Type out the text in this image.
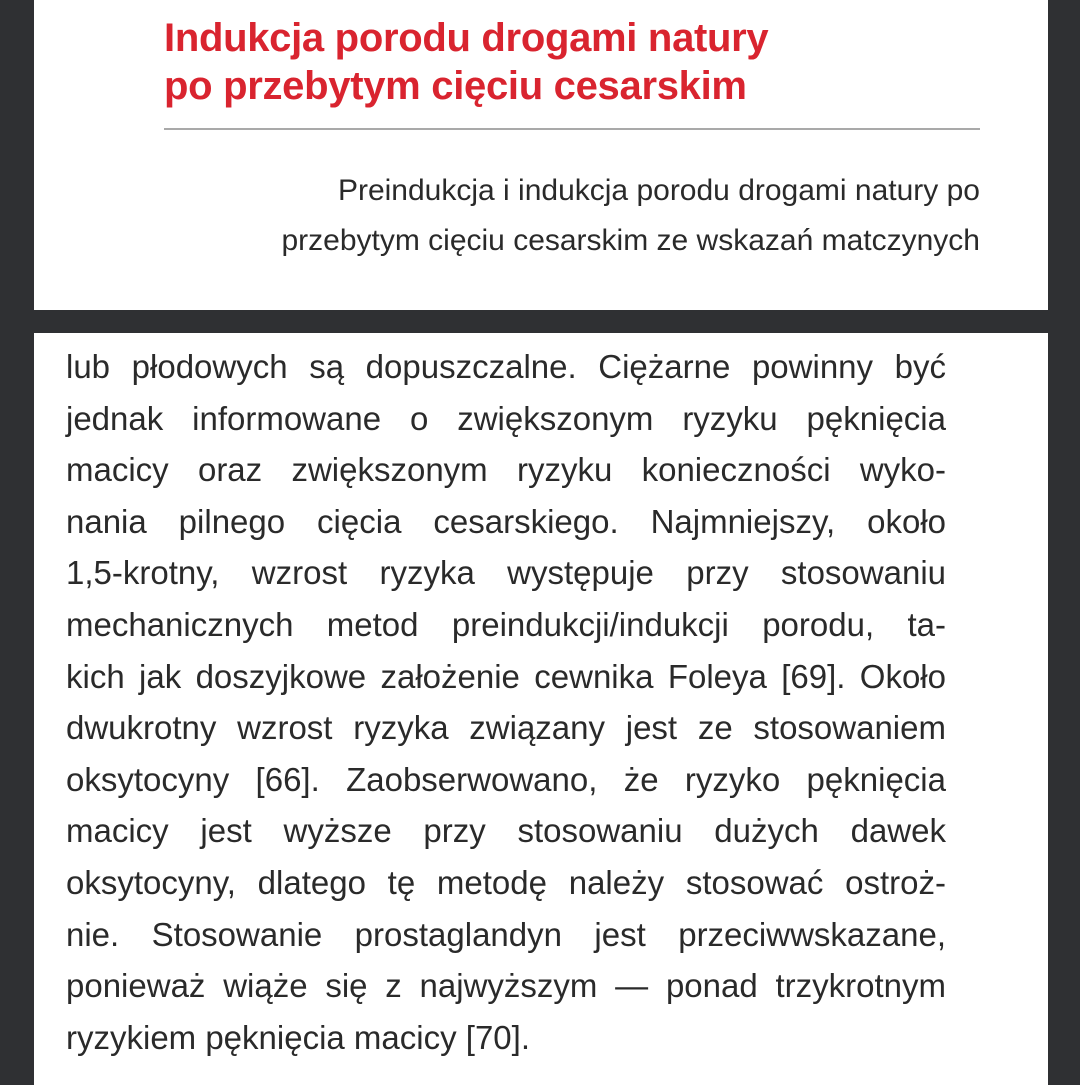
Indukcja porodu drogami natury
po przebytym cięciu cesarskim

Preindukcja i indukcja porodu drogami natury po
przebytym cięciu cesarskim ze wskazań matczynych

lub płodowych są dopuszczalne. Ciężarne powinny być
jednak informowane o zwiększonym ryzyku pęknięcia
macicy oraz zwiększonym ryzyku konieczności wyko-
nania pilnego cięcia cesarskiego. Najmniejszy, około
1,5-krotny, wzrost ryzyka występuje przy stosowaniu
mechanicznych metod preindukcji/indukcji porodu, ta-
kich jak doszyjkowe założenie cewnika Foleya [69]. Około
dwukrotny wzrost ryzyka związany jest ze stosowaniem
oksytocyny [66]. Zaobserwowano, że ryzyko pęknięcia
macicy jest wyższe przy stosowaniu dużych dawek
oksytocyny, dlatego tę metodę należy stosować ostroż-
nie. Stosowanie prostaglandyn jest przeciwwskazane,
ponieważ wiąże się z najwyższym — ponad trzykrotnym
ryzykiem pęknięcia macicy [70].
